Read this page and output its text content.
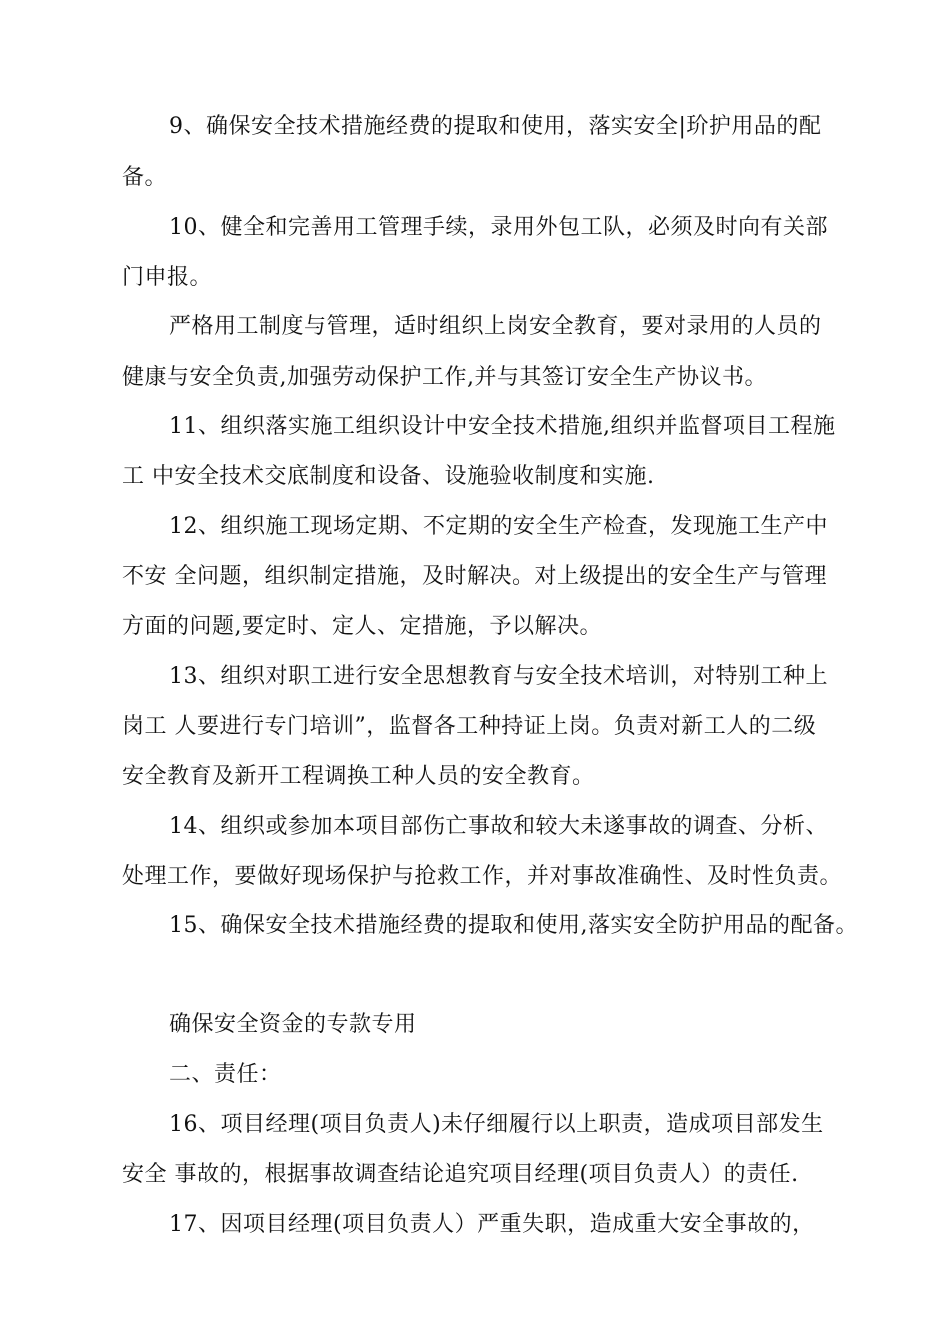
9、确保安全技术措施经费的提取和使用，落实安全|玠护用品的配
备。
10、健全和完善用工管理手续，录用外包工队，必须及时向有关部
门申报。
严格用工制度与管理，适时组织上岗安全教育，要对录用的人员的
健康与安全负责,加强劳动保护工作,并与其签订安全生产协议书。
11、组织落实施工组织设计中安全技术措施,组织并监督项目工程施
工 中安全技术交底制度和设备、设施验收制度和实施.
12、组织施工现场定期、不定期的安全生产检查，发现施工生产中
不安 全问题，组织制定措施，及时解决。对上级提出的安全生产与管理
方面的问题,要定时、定人、定措施，予以解决。
13、组织对职工进行安全思想教育与安全技术培训，对特别工种上
岗工 人要进行专门培训”，监督各工种持证上岗。负责对新工人的二级
安全教育及新开工程调换工种人员的安全教育。
14、组织或参加本项目部伤亡事故和较大未遂事故的调查、分析、
处理工作，要做好现场保护与抢救工作，并对事故准确性、及时性负责。
15、确保安全技术措施经费的提取和使用,落实安全防护用品的配备。
确保安全资金的专款专用
二、责任：
16、项目经理(项目负责人)未仔细履行以上职责，造成项目部发生
安全 事故的，根据事故调查结论追究项目经理(项目负责人）的责任.
17、因项目经理(项目负责人）严重失职，造成重大安全事故的，
